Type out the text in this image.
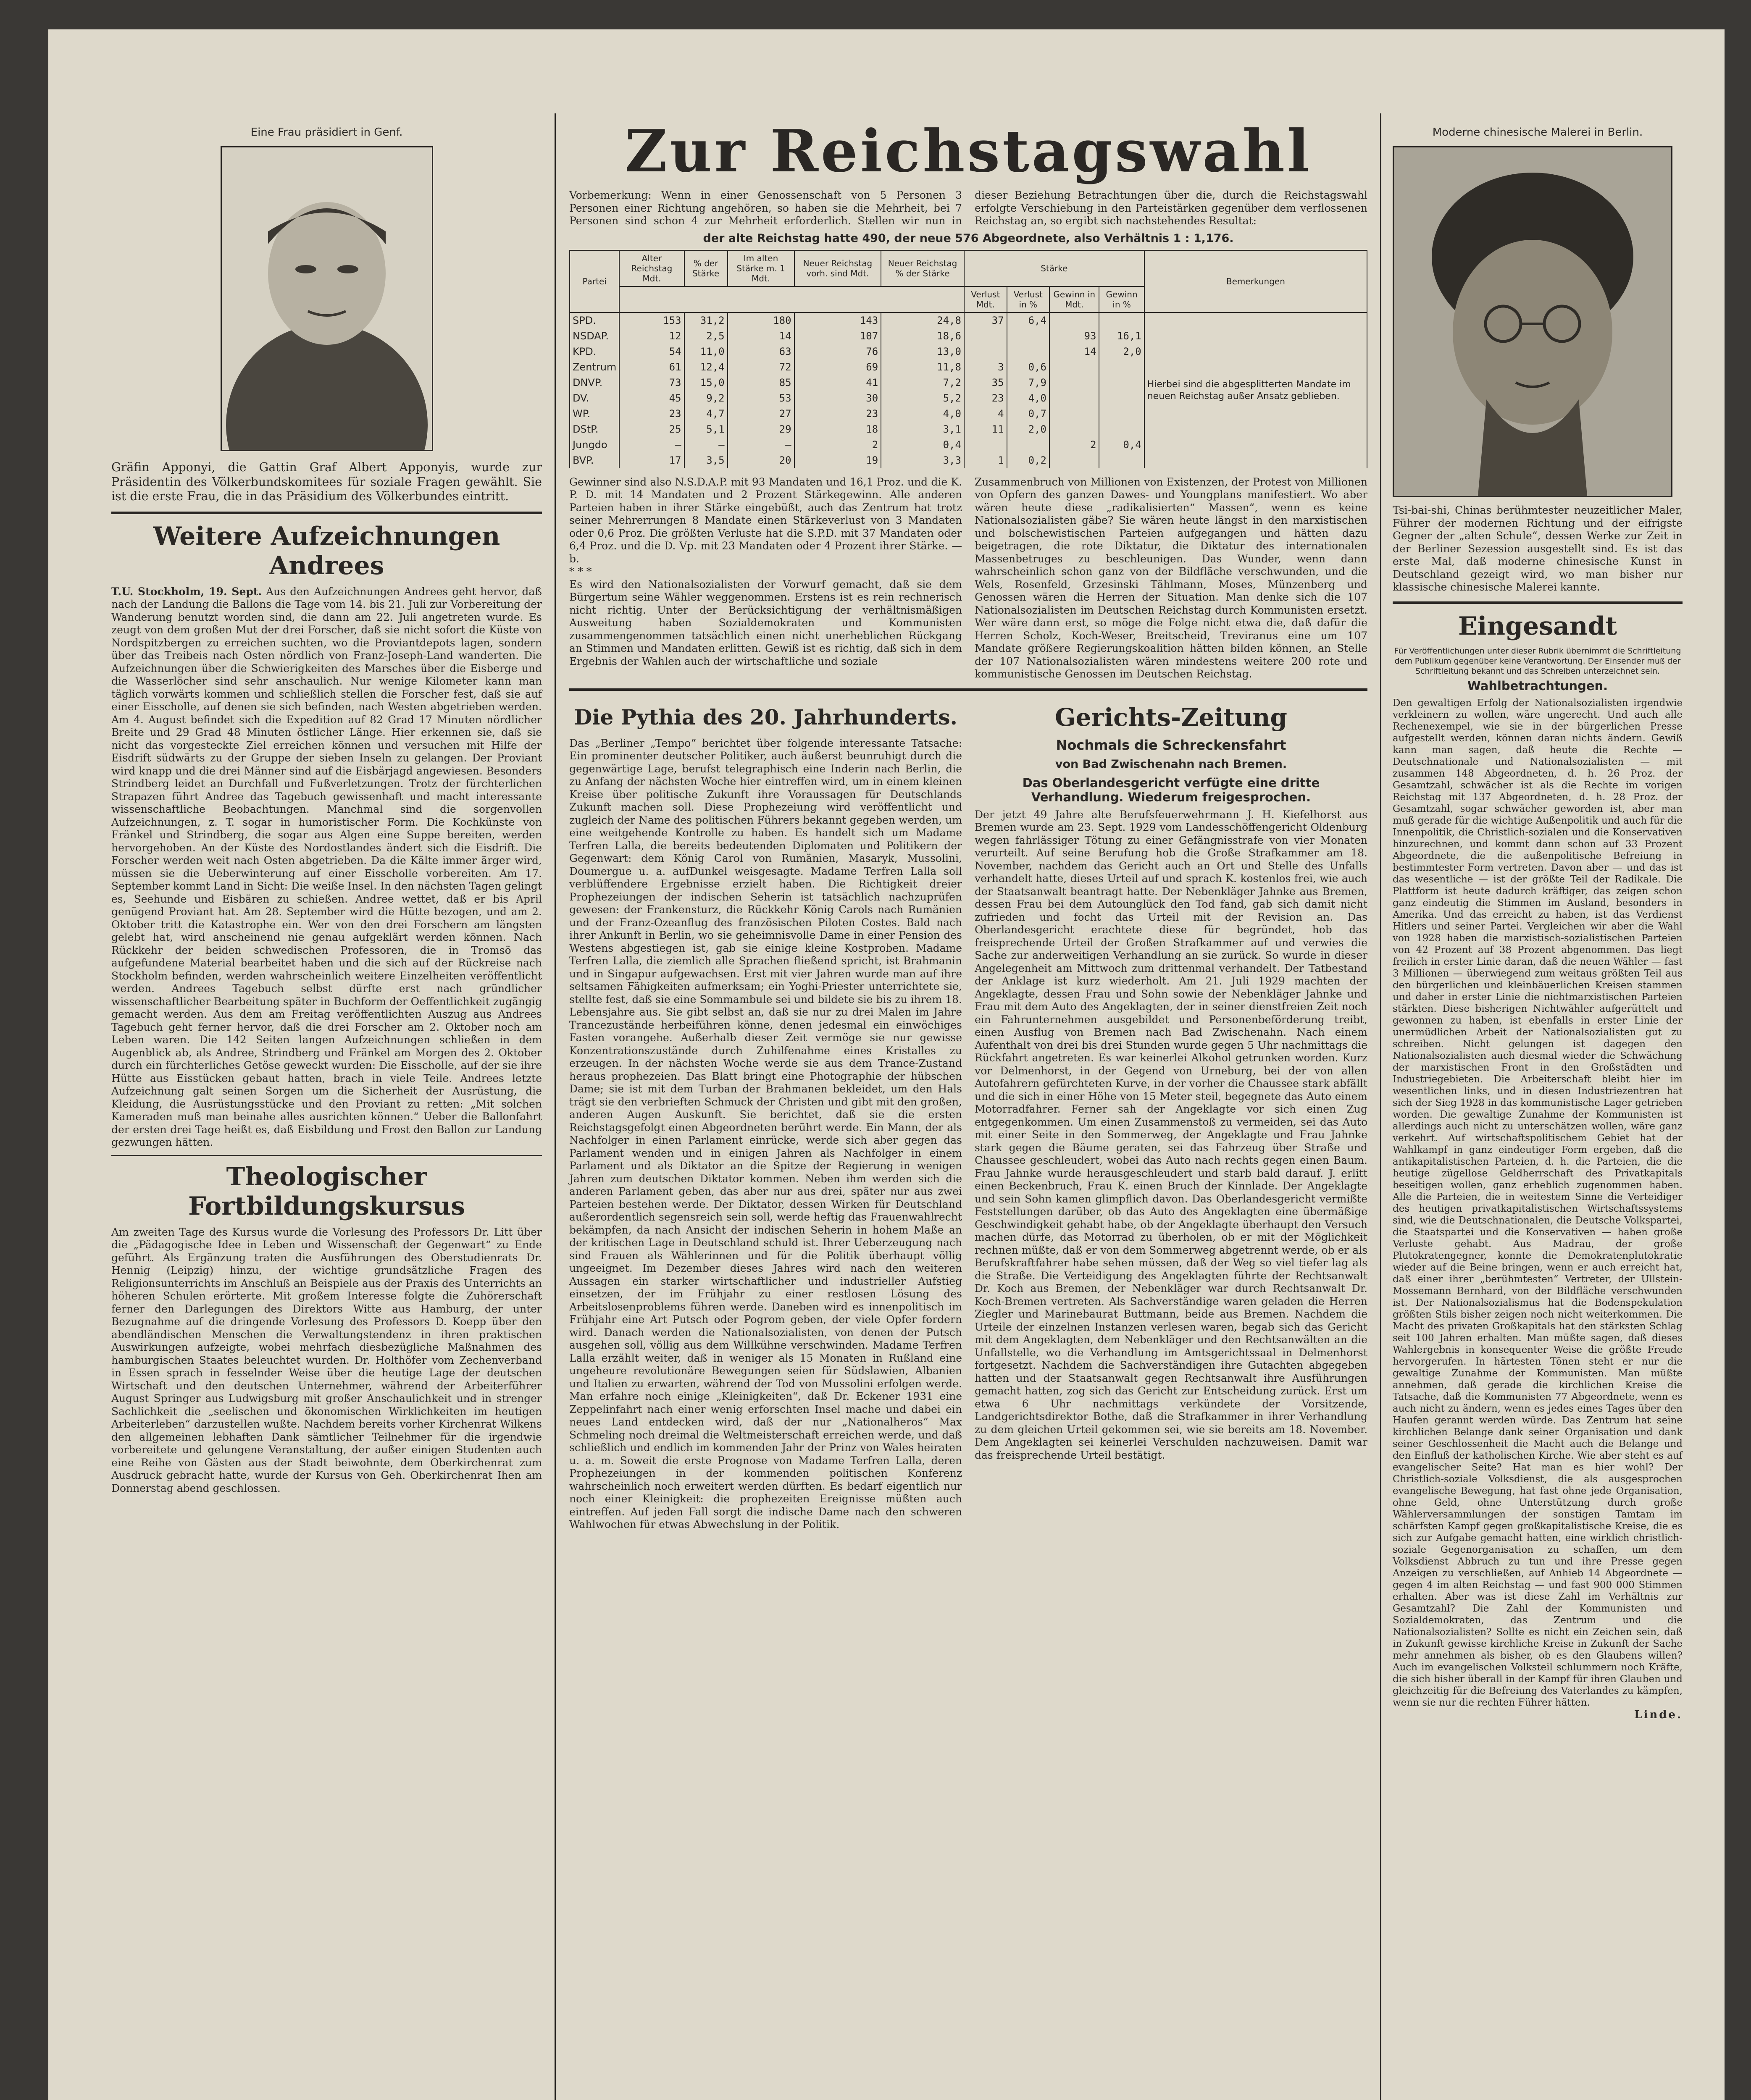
Eine Frau präsidiert in Genf.

Gräfin Apponyi, die Gattin Graf Albert Apponyis, wurde zur Präsidentin des Völkerbundskomitees für soziale Fragen gewählt. Sie ist die erste Frau, die in das Präsidium des Völkerbundes eintritt.

Weitere Aufzeichnungen Andrees

T.U. Stockholm, 19. Sept. Aus den Aufzeichnungen Andrees geht hervor, daß nach der Landung die Ballons die Tage vom 14. bis 21. Juli zur Vorbereitung der Wanderung benutzt worden sind, die dann am 22. Juli angetreten wurde. Es zeugt von dem großen Mut der drei Forscher, daß sie nicht sofort die Küste von Nordspitzbergen zu erreichen suchten, wo die Proviantdepots lagen, sondern über das Treibeis nach Osten nördlich von Franz-Joseph-Land wanderten. Die Aufzeichnungen über die Schwierigkeiten des Marsches über die Eisberge und die Wasserlöcher sind sehr anschaulich. Nur wenige Kilometer kann man täglich vorwärts kommen und schließlich stellen die Forscher fest, daß sie auf einer Eisscholle, auf denen sie sich befinden, nach Westen abgetrieben werden. Am 4. August befindet sich die Expedition auf 82 Grad 17 Minuten nördlicher Breite und 29 Grad 48 Minuten östlicher Länge. Hier erkennen sie, daß sie nicht das vorgesteckte Ziel erreichen können und versuchen mit Hilfe der Eisdrift südwärts zu der Gruppe der sieben Inseln zu gelangen. Der Proviant wird knapp und die drei Männer sind auf die Eisbärjagd angewiesen. Besonders Strindberg leidet an Durchfall und Fußverletzungen. Trotz der fürchterlichen Strapazen führt Andree das Tagebuch gewissenhaft und macht interessante wissenschaftliche Beobachtungen. Manchmal sind die sorgenvollen Aufzeichnungen, z. T. sogar in humoristischer Form. Die Kochkünste von Fränkel und Strindberg, die sogar aus Algen eine Suppe bereiten, werden hervorgehoben. An der Küste des Nordostlandes ändert sich die Eisdrift. Die Forscher werden weit nach Osten abgetrieben. Da die Kälte immer ärger wird, müssen sie die Ueberwinterung auf einer Eisscholle vorbereiten. Am 17. September kommt Land in Sicht: Die weiße Insel. In den nächsten Tagen gelingt es, Seehunde und Eisbären zu schießen. Andree wettet, daß er bis April genügend Proviant hat. Am 28. September wird die Hütte bezogen, und am 2. Oktober tritt die Katastrophe ein. Wer von den drei Forschern am längsten gelebt hat, wird anscheinend nie genau aufgeklärt werden können. Nach Rückkehr der beiden schwedischen Professoren, die in Tromsö das aufgefundene Material bearbeitet haben und die sich auf der Rückreise nach Stockholm befinden, werden wahrscheinlich weitere Einzelheiten veröffentlicht werden. Andrees Tagebuch selbst dürfte erst nach gründlicher wissenschaftlicher Bearbeitung später in Buchform der Oeffentlichkeit zugängig gemacht werden. Aus dem am Freitag veröffentlichten Auszug aus Andrees Tagebuch geht ferner hervor, daß die drei Forscher am 2. Oktober noch am Leben waren. Die 142 Seiten langen Aufzeichnungen schließen in dem Augenblick ab, als Andree, Strindberg und Fränkel am Morgen des 2. Oktober durch ein fürchterliches Getöse geweckt wurden: Die Eisscholle, auf der sie ihre Hütte aus Eisstücken gebaut hatten, brach in viele Teile. Andrees letzte Aufzeichnung galt seinen Sorgen um die Sicherheit der Ausrüstung, die Kleidung, die Ausrüstungsstücke und den Proviant zu retten: „Mit solchen Kameraden muß man beinahe alles ausrichten können.“ Ueber die Ballonfahrt der ersten drei Tage heißt es, daß Eisbildung und Frost den Ballon zur Landung gezwungen hätten.

Theologischer Fortbildungskursus

Am zweiten Tage des Kursus wurde die Vorlesung des Professors Dr. Litt über die „Pädagogische Idee in Leben und Wissenschaft der Gegenwart“ zu Ende geführt. Als Ergänzung traten die Ausführungen des Oberstudienrats Dr. Hennig (Leipzig) hinzu, der wichtige grundsätzliche Fragen des Religionsunterrichts im Anschluß an Beispiele aus der Praxis des Unterrichts an höheren Schulen erörterte. Mit großem Interesse folgte die Zuhörerschaft ferner den Darlegungen des Direktors Witte aus Hamburg, der unter Bezugnahme auf die dringende Vorlesung des Professors D. Koepp über den abendländischen Menschen die Verwaltungstendenz in ihren praktischen Auswirkungen aufzeigte, wobei mehrfach diesbezügliche Maßnahmen des hamburgischen Staates beleuchtet wurden. Dr. Holthöfer vom Zechenverband in Essen sprach in fesselnder Weise über die heutige Lage der deutschen Wirtschaft und den deutschen Unternehmer, während der Arbeiterführer August Springer aus Ludwigsburg mit großer Anschaulichkeit und in strenger Sachlichkeit die „seelischen und ökonomischen Wirklichkeiten im heutigen Arbeiterleben“ darzustellen wußte. Nachdem bereits vorher Kirchenrat Wilkens den allgemeinen lebhaften Dank sämtlicher Teilnehmer für die irgendwie vorbereitete und gelungene Veranstaltung, der außer einigen Studenten auch eine Reihe von Gästen aus der Stadt beiwohnte, dem Oberkirchenrat zum Ausdruck gebracht hatte, wurde der Kursus von Geh. Oberkirchenrat Ihen am Donnerstag abend geschlossen.

Zur Reichstagswahl

Vorbemerkung: Wenn in einer Genossenschaft von 5 Personen 3 Personen einer Richtung angehören, so haben sie die Mehrheit, bei 7 Personen sind schon 4 zur Mehrheit erforderlich. Stellen wir nun in dieser Beziehung Betrachtungen über die, durch die Reichstagswahl erfolgte Verschiebung in den Parteistärken gegenüber dem verflossenen Reichstag an, so ergibt sich nachstehendes Resultat:

der alte Reichstag hatte 490, der neue 576 Abgeordnete, also Verhältnis 1 : 1,176.
Partei	Alter Reichstag Mdt.	% der Stärke	Im alten Stärke m. 1 Mdt.	Neuer Reichstag vorh. sind Mdt.	Neuer Reichstag % der Stärke	Stärke				Bemerkungen
						Verlust Mdt.	Verlust in %	Gewinn in Mdt.	Gewinn in %	
SPD.	153	31,2	180	143	24,8	37	6,4			Hierbei sind die abgesplitterten Mandate im neuen Reichstag außer Ansatz geblieben.
NSDAP.	12	2,5	14	107	18,6			93	16,1	
KPD.	54	11,0	63	76	13,0			14	2,0	
Zentrum	61	12,4	72	69	11,8	3	0,6			
DNVP.	73	15,0	85	41	7,2	35	7,9			
DV.	45	9,2	53	30	5,2	23	4,0			
WP.	23	4,7	27	23	4,0	4	0,7			
DStP.	25	5,1	29	18	3,1	11	2,0			
Jungdo	—	—	—	2	0,4			2	0,4	
BVP.	17	3,5	20	19	3,3	1	0,2			

Gewinner sind also N.S.D.A.P. mit 93 Mandaten und 16,1 Proz. und die K. P. D. mit 14 Mandaten und 2 Prozent Stärkegewinn. Alle anderen Parteien haben in ihrer Stärke eingebüßt, auch das Zentrum hat trotz seiner Mehrerrungen 8 Mandate einen Stärkeverlust von 3 Mandaten oder 0,6 Proz. Die größten Verluste hat die S.P.D. mit 37 Mandaten oder 6,4 Proz. und die D. Vp. mit 23 Mandaten oder 4 Prozent ihrer Stärke. —b.
* * *
Es wird den Nationalsozialisten der Vorwurf gemacht, daß sie dem Bürgertum seine Wähler weggenommen. Erstens ist es rein rechnerisch nicht richtig. Unter der Berücksichtigung der verhältnismäßigen Ausweitung haben Sozialdemokraten und Kommunisten zusammengenommen tatsächlich einen nicht unerheblichen Rückgang an Stimmen und Mandaten erlitten. Gewiß ist es richtig, daß sich in dem Ergebnis der Wahlen auch der wirtschaftliche und soziale

Zusammenbruch von Millionen von Existenzen, der Protest von Millionen von Opfern des ganzen Dawes- und Youngplans manifestiert. Wo aber wären heute diese „radikalisierten“ Massen“, wenn es keine Nationalsozialisten gäbe? Sie wären heute längst in den marxistischen und bolschewistischen Parteien aufgegangen und hätten dazu beigetragen, die rote Diktatur, die Diktatur des internationalen Massenbetruges zu beschleunigen. Das Wunder, wenn dann wahrscheinlich schon ganz von der Bildfläche verschwunden, und die Wels, Rosenfeld, Grzesinski Tählmann, Moses, Münzenberg und Genossen wären die Herren der Situation. Man denke sich die 107 Nationalsozialisten im Deutschen Reichstag durch Kommunisten ersetzt. Wer wäre dann erst, so möge die Folge nicht etwa die, daß dafür die Herren Scholz, Koch-Weser, Breitscheid, Treviranus eine um 107 Mandate größere Regierungskoalition hätten bilden können, an Stelle der 107 Nationalsozialisten wären mindestens weitere 200 rote und kommunistische Genossen im Deutschen Reichstag.

Die Pythia des 20. Jahrhunderts.

Das „Berliner „Tempo“ berichtet über folgende interessante Tatsache: Ein prominenter deutscher Politiker, auch äußerst beunruhigt durch die gegenwärtige Lage, berufst telegraphisch eine Inderin nach Berlin, die zu Anfang der nächsten Woche hier eintreffen wird, um in einem kleinen Kreise über politische Zukunft ihre Voraussagen für Deutschlands Zukunft machen soll. Diese Prophezeiung wird veröffentlicht und zugleich der Name des politischen Führers bekannt gegeben werden, um eine weitgehende Kontrolle zu haben. Es handelt sich um Madame Terfren Lalla, die bereits bedeutenden Diplomaten und Politikern der Gegenwart: dem König Carol von Rumänien, Masaryk, Mussolini, Doumergue u. a. aufDunkel weisgesagte. Madame Terfren Lalla soll verblüffendere Ergebnisse erzielt haben. Die Richtigkeit dreier Prophezeiungen der indischen Seherin ist tatsächlich nachzuprüfen gewesen: der Frankensturz, die Rückkehr König Carols nach Rumänien und der Franz-Ozeanflug des französischen Piloten Costes. Bald nach ihrer Ankunft in Berlin, wo sie geheimnisvolle Dame in einer Pension des Westens abgestiegen ist, gab sie einige kleine Kostproben. Madame Terfren Lalla, die ziemlich alle Sprachen fließend spricht, ist Brahmanin und in Singapur aufgewachsen. Erst mit vier Jahren wurde man auf ihre seltsamen Fähigkeiten aufmerksam; ein Yoghi-Priester unterrichtete sie, stellte fest, daß sie eine Sommambule sei und bildete sie bis zu ihrem 18. Lebensjahre aus. Sie gibt selbst an, daß sie nur zu drei Malen im Jahre Trancezustände herbeiführen könne, denen jedesmal ein einwöchiges Fasten vorangehe. Außerhalb dieser Zeit vermöge sie nur gewisse Konzentrationszustände durch Zuhilfenahme eines Kristalles zu erzeugen. In der nächsten Woche werde sie aus dem Trance-Zustand heraus prophezeien. Das Blatt bringt eine Photographie der hübschen Dame; sie ist mit dem Turban der Brahmanen bekleidet, um den Hals trägt sie den verbrieften Schmuck der Christen und gibt mit den großen, anderen Augen Auskunft. Sie berichtet, daß sie die ersten Reichstagsgefolgt einen Abgeordneten berührt werde. Ein Mann, der als Nachfolger in einen Parlament einrücke, werde sich aber gegen das Parlament wenden und in einigen Jahren als Nachfolger in einem Parlament und als Diktator an die Spitze der Regierung in wenigen Jahren zum deutschen Diktator kommen. Neben ihm werden sich die anderen Parlament geben, das aber nur aus drei, später nur aus zwei Parteien bestehen werde. Der Diktator, dessen Wirken für Deutschland außerordentlich segensreich sein soll, werde heftig das Frauenwahlrecht bekämpfen, da nach Ansicht der indischen Seherin in hohem Maße an der kritischen Lage in Deutschland schuld ist. Ihrer Ueberzeugung nach sind Frauen als Wählerinnen und für die Politik überhaupt völlig ungeeignet. Im Dezember dieses Jahres wird nach den weiteren Aussagen ein starker wirtschaftlicher und industrieller Aufstieg einsetzen, der im Frühjahr zu einer restlosen Lösung des Arbeitslosenproblems führen werde. Daneben wird es innenpolitisch im Frühjahr eine Art Putsch oder Pogrom geben, der viele Opfer fordern wird. Danach werden die Nationalsozialisten, von denen der Putsch ausgehen soll, völlig aus dem Willkühne verschwinden. Madame Terfren Lalla erzählt weiter, daß in weniger als 15 Monaten in Rußland eine ungeheure revolutionäre Bewegungen seien für Südslawien, Albanien und Italien zu erwarten, während der Tod von Mussolini erfolgen werde. Man erfahre noch einige „Kleinigkeiten“, daß Dr. Eckener 1931 eine Zeppelinfahrt nach einer wenig erforschten Insel mache und dabei ein neues Land entdecken wird, daß der nur „Nationalheros“ Max Schmeling noch dreimal die Weltmeisterschaft erreichen werde, und daß schließlich und endlich im kommenden Jahr der Prinz von Wales heiraten u. a. m. Soweit die erste Prognose von Madame Terfren Lalla, deren Prophezeiungen in der kommenden politischen Konferenz wahrscheinlich noch erweitert werden dürften. Es bedarf eigentlich nur noch einer Kleinigkeit: die prophezeiten Ereignisse müßten auch eintreffen. Auf jeden Fall sorgt die indische Dame nach den schweren Wahlwochen für etwas Abwechslung in der Politik.

Gerichts-Zeitung
Nochmals die Schreckensfahrt
von Bad Zwischenahn nach Bremen.
Das Oberlandesgericht verfügte eine dritte Verhandlung. Wiederum freigesprochen.

Der jetzt 49 Jahre alte Berufsfeuerwehrmann J. H. Kiefelhorst aus Bremen wurde am 23. Sept. 1929 vom Landesschöffengericht Oldenburg wegen fahrlässiger Tötung zu einer Gefängnisstrafe von vier Monaten verurteilt. Auf seine Berufung hob die Große Strafkammer am 18. November, nachdem das Gericht auch an Ort und Stelle des Unfalls verhandelt hatte, dieses Urteil auf und sprach K. kostenlos frei, wie auch der Staatsanwalt beantragt hatte. Der Nebenkläger Jahnke aus Bremen, dessen Frau bei dem Autounglück den Tod fand, gab sich damit nicht zufrieden und focht das Urteil mit der Revision an. Das Oberlandesgericht erachtete diese für begründet, hob das freisprechende Urteil der Großen Strafkammer auf und verwies die Sache zur anderweitigen Verhandlung an sie zurück. So wurde in dieser Angelegenheit am Mittwoch zum drittenmal verhandelt. Der Tatbestand der Anklage ist kurz wiederholt. Am 21. Juli 1929 machten der Angeklagte, dessen Frau und Sohn sowie der Nebenkläger Jahnke und Frau mit dem Auto des Angeklagten, der in seiner dienstfreien Zeit noch ein Fahrunternehmen ausgebildet und Personenbeförderung treibt, einen Ausflug von Bremen nach Bad Zwischenahn. Nach einem Aufenthalt von drei bis drei Stunden wurde gegen 5 Uhr nachmittags die Rückfahrt angetreten. Es war keinerlei Alkohol getrunken worden. Kurz vor Delmenhorst, in der Gegend von Urneburg, bei der von allen Autofahrern gefürchteten Kurve, in der vorher die Chaussee stark abfällt und die sich in einer Höhe von 15 Meter steil, begegnete das Auto einem Motorradfahrer. Ferner sah der Angeklagte vor sich einen Zug entgegenkommen. Um einen Zusammenstoß zu vermeiden, sei das Auto mit einer Seite in den Sommerweg, der Angeklagte und Frau Jahnke stark gegen die Bäume geraten, sei das Fahrzeug über Straße und Chaussee geschleudert, wobei das Auto nach rechts gegen einen Baum. Frau Jahnke wurde herausgeschleudert und starb bald darauf. J. erlitt einen Beckenbruch, Frau K. einen Bruch der Kinnlade. Der Angeklagte und sein Sohn kamen glimpflich davon. Das Oberlandesgericht vermißte Feststellungen darüber, ob das Auto des Angeklagten eine übermäßige Geschwindigkeit gehabt habe, ob der Angeklagte überhaupt den Versuch machen dürfe, das Motorrad zu überholen, ob er mit der Möglichkeit rechnen müßte, daß er von dem Sommerweg abgetrennt werde, ob er als Berufskraftfahrer habe sehen müssen, daß der Weg so viel tiefer lag als die Straße. Die Verteidigung des Angeklagten führte der Rechtsanwalt Dr. Koch aus Bremen, der Nebenkläger war durch Rechtsanwalt Dr. Koch-Bremen vertreten. Als Sachverständige waren geladen die Herren Ziegler und Marinebaurat Buttmann, beide aus Bremen. Nachdem die Urteile der einzelnen Instanzen verlesen waren, begab sich das Gericht mit dem Angeklagten, dem Nebenkläger und den Rechtsanwälten an die Unfallstelle, wo die Verhandlung im Amtsgerichtssaal in Delmenhorst fortgesetzt. Nachdem die Sachverständigen ihre Gutachten abgegeben hatten und der Staatsanwalt gegen Rechtsanwalt ihre Ausführungen gemacht hatten, zog sich das Gericht zur Entscheidung zurück. Erst um etwa 6 Uhr nachmittags verkündete der Vorsitzende, Landgerichtsdirektor Bothe, daß die Strafkammer in ihrer Verhandlung zu dem gleichen Urteil gekommen sei, wie sie bereits am 18. November. Dem Angeklagten sei keinerlei Verschulden nachzuweisen. Damit war das freisprechende Urteil bestätigt.

Moderne chinesische Malerei in Berlin.

Tsi-bai-shi, Chinas berühmtester neuzeitlicher Maler, Führer der modernen Richtung und der eifrigste Gegner der „alten Schule“, dessen Werke zur Zeit in der Berliner Sezession ausgestellt sind. Es ist das erste Mal, daß moderne chinesische Kunst in Deutschland gezeigt wird, wo man bisher nur klassische chinesische Malerei kannte.

Eingesandt

Für Veröffentlichungen unter dieser Rubrik übernimmt die Schriftleitung dem Publikum gegenüber keine Verantwortung. Der Einsender muß der Schriftleitung bekannt und das Schreiben unterzeichnet sein.

Wahlbetrachtungen.

Den gewaltigen Erfolg der Nationalsozialisten irgendwie verkleinern zu wollen, wäre ungerecht. Und auch alle Rechenexempel, wie sie in der bürgerlichen Presse aufgestellt werden, können daran nichts ändern. Gewiß kann man sagen, daß heute die Rechte — Deutschnationale und Nationalsozialisten — mit zusammen 148 Abgeordneten, d. h. 26 Proz. der Gesamtzahl, schwächer ist als die Rechte im vorigen Reichstag mit 137 Abgeordneten, d. h. 28 Proz. der Gesamtzahl, sogar schwächer geworden ist, aber man muß gerade für die wichtige Außenpolitik und auch für die Innenpolitik, die Christlich-sozialen und die Konservativen hinzurechnen, und kommt dann schon auf 33 Prozent Abgeordnete, die die außenpolitische Befreiung in bestimmtester Form vertreten. Davon aber — und das ist das wesentliche — ist der größte Teil der Radikale. Die Plattform ist heute dadurch kräftiger, das zeigen schon ganz eindeutig die Stimmen im Ausland, besonders in Amerika. Und das erreicht zu haben, ist das Verdienst Hitlers und seiner Partei. Vergleichen wir aber die Wahl von 1928 haben die marxistisch-sozialistischen Parteien von 42 Prozent auf 38 Prozent abgenommen. Das liegt freilich in erster Linie daran, daß die neuen Wähler — fast 3 Millionen — überwiegend zum weitaus größten Teil aus den bürgerlichen und kleinbäuerlichen Kreisen stammen und daher in erster Linie die nichtmarxistischen Parteien stärkten. Diese bisherigen Nichtwähler aufgerüttelt und gewonnen zu haben, ist ebenfalls in erster Linie der unermüdlichen Arbeit der Nationalsozialisten gut zu schreiben. Nicht gelungen ist dagegen den Nationalsozialisten auch diesmal wieder die Schwächung der marxistischen Front in den Großstädten und Industriegebieten. Die Arbeiterschaft bleibt hier im wesentlichen links, und in diesen Industriezentren hat sich der Sieg 1928 in das kommunistische Lager getrieben worden. Die gewaltige Zunahme der Kommunisten ist allerdings auch nicht zu unterschätzen wollen, wäre ganz verkehrt. Auf wirtschaftspolitischem Gebiet hat der Wahlkampf in ganz eindeutiger Form ergeben, daß die antikapitalistischen Parteien, d. h. die Parteien, die die heutige zügellose Geldherrschaft des Privatkapitals beseitigen wollen, ganz erheblich zugenommen haben. Alle die Parteien, die in weitestem Sinne die Verteidiger des heutigen privatkapitalistischen Wirtschaftssystems sind, wie die Deutschnationalen, die Deutsche Volkspartei, die Staatspartei und die Konservativen — haben große Verluste gehabt. Aus Madrau, der große Plutokratengegner, konnte die Demokratenplutokratie wieder auf die Beine bringen, wenn er auch erreicht hat, daß einer ihrer „berühmtesten“ Vertreter, der Ullstein-Mossemann Bernhard, von der Bildfläche verschwunden ist. Der Nationalsozialismus hat die Bodenspekulation größten Stils bisher zeigen noch nicht weiterkommen. Die Macht des privaten Großkapitals hat den stärksten Schlag seit 100 Jahren erhalten. Man müßte sagen, daß dieses Wahlergebnis in konsequenter Weise die größte Freude hervorgerufen. In härtesten Tönen steht er nur die gewaltige Zunahme der Kommunisten. Man müßte annehmen, daß gerade die kirchlichen Kreise die Tatsache, daß die Kommunisten 77 Abgeordnete, wenn es auch nicht zu ändern, wenn es jedes eines Tages über den Haufen gerannt werden würde. Das Zentrum hat seine kirchlichen Belange dank seiner Organisation und dank seiner Geschlossenheit die Macht auch die Belange und den Einfluß der katholischen Kirche. Wie aber steht es auf evangelischer Seite? Hat man es hier wohl? Der Christlich-soziale Volksdienst, die als ausgesprochen evangelische Bewegung, hat fast ohne jede Organisation, ohne Geld, ohne Unterstützung durch große Wählerversammlungen der sonstigen Tamtam im schärfsten Kampf gegen großkapitalistische Kreise, die es sich zur Aufgabe gemacht hatten, eine wirklich christlich-soziale Gegenorganisation zu schaffen, um dem Volksdienst Abbruch zu tun und ihre Presse gegen Anzeigen zu verschließen, auf Anhieb 14 Abgeordnete — gegen 4 im alten Reichstag — und fast 900 000 Stimmen erhalten. Aber was ist diese Zahl im Verhältnis zur Gesamtzahl? Die Zahl der Kommunisten und Sozialdemokraten, das Zentrum und die Nationalsozialisten? Sollte es nicht ein Zeichen sein, daß in Zukunft gewisse kirchliche Kreise in Zukunft der Sache mehr annehmen als bisher, ob es den Glaubens willen? Auch im evangelischen Volksteil schlummern noch Kräfte, die sich bisher überall in der Kampf für ihren Glauben und gleichzeitig für die Befreiung des Vaterlandes zu kämpfen, wenn sie nur die rechten Führer hätten.

Linde.
